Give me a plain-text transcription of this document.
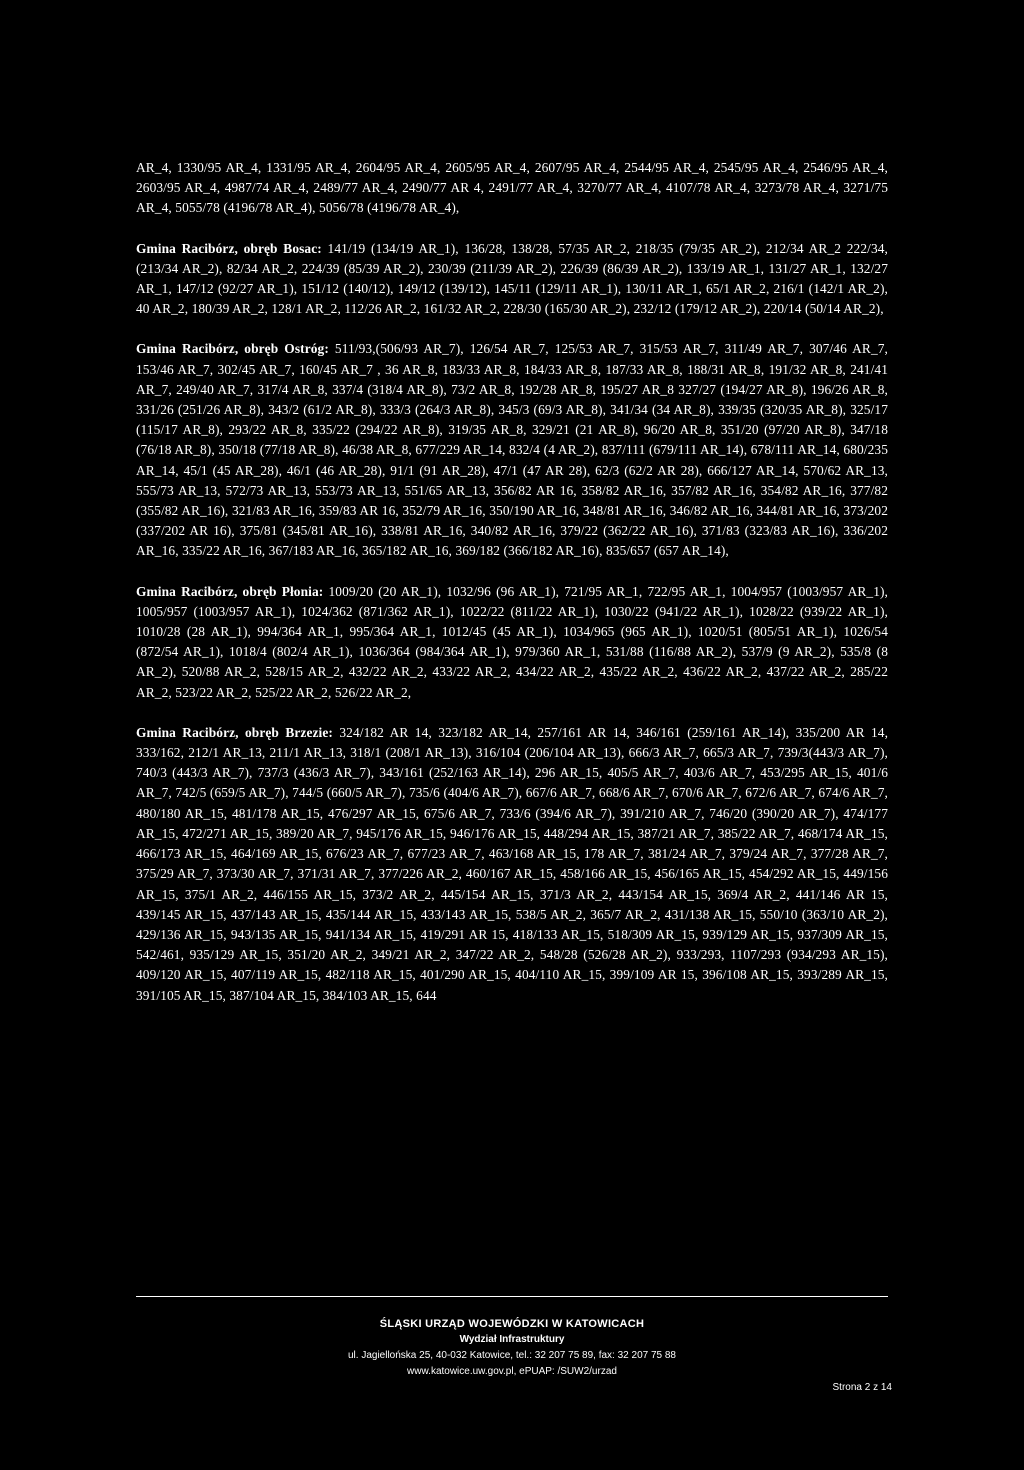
AR_4, 1330/95 AR_4, 1331/95 AR_4, 2604/95 AR_4, 2605/95 AR_4, 2607/95 AR_4, 2544/95 AR_4, 2545/95 AR_4, 2546/95 AR_4, 2603/95 AR_4, 4987/74 AR_4, 2489/77 AR_4, 2490/77 AR 4, 2491/77 AR_4, 3270/77 AR_4, 4107/78 AR_4, 3273/78 AR_4, 3271/75 AR_4, 5055/78 (4196/78 AR_4), 5056/78 (4196/78 AR_4),

Gmina Racibórz, obręb Bosac: 141/19 (134/19 AR_1), 136/28, 138/28, 57/35 AR_2, 218/35 (79/35 AR_2), 212/34 AR_2 222/34, (213/34 AR_2), 82/34 AR_2, 224/39 (85/39 AR_2), 230/39 (211/39 AR_2), 226/39 (86/39 AR_2), 133/19 AR_1, 131/27 AR_1, 132/27 AR_1, 147/12 (92/27 AR_1), 151/12 (140/12), 149/12 (139/12), 145/11 (129/11 AR_1), 130/11 AR_1, 65/1 AR_2, 216/1 (142/1 AR_2), 40 AR_2, 180/39 AR_2, 128/1 AR_2, 112/26 AR_2, 161/32 AR_2, 228/30 (165/30 AR_2), 232/12 (179/12 AR_2), 220/14 (50/14 AR_2),

Gmina Racibórz, obręb Ostróg: 511/93,(506/93 AR_7), 126/54 AR_7, 125/53 AR_7, 315/53 AR_7, 311/49 AR_7, 307/46 AR_7, 153/46 AR_7, 302/45 AR_7, 160/45 AR_7 , 36 AR_8, 183/33 AR_8, 184/33 AR_8, 187/33 AR_8, 188/31 AR_8, 191/32 AR_8, 241/41 AR_7, 249/40 AR_7, 317/4 AR_8, 337/4 (318/4 AR_8), 73/2 AR_8, 192/28 AR_8, 195/27 AR_8 327/27 (194/27 AR_8), 196/26 AR_8, 331/26 (251/26 AR_8), 343/2 (61/2 AR_8), 333/3 (264/3 AR_8), 345/3 (69/3 AR_8), 341/34 (34 AR_8), 339/35 (320/35 AR_8), 325/17 (115/17 AR_8), 293/22 AR_8, 335/22 (294/22 AR_8), 319/35 AR_8, 329/21 (21 AR_8), 96/20 AR_8, 351/20 (97/20 AR_8), 347/18 (76/18 AR_8), 350/18 (77/18 AR_8), 46/38 AR_8, 677/229 AR_14, 832/4 (4 AR_2), 837/111 (679/111 AR_14), 678/111 AR_14, 680/235 AR_14, 45/1 (45 AR_28), 46/1 (46 AR_28), 91/1 (91 AR_28), 47/1 (47 AR 28), 62/3 (62/2 AR 28), 666/127 AR_14, 570/62 AR_13, 555/73 AR_13, 572/73 AR_13, 553/73 AR_13, 551/65 AR_13, 356/82 AR 16, 358/82 AR_16, 357/82 AR_16, 354/82 AR_16, 377/82 (355/82 AR_16), 321/83 AR_16, 359/83 AR 16, 352/79 AR_16, 350/190 AR_16, 348/81 AR_16, 346/82 AR_16, 344/81 AR_16, 373/202 (337/202 AR 16), 375/81 (345/81 AR_16), 338/81 AR_16, 340/82 AR_16, 379/22 (362/22 AR_16), 371/83 (323/83 AR_16), 336/202 AR_16, 335/22 AR_16, 367/183 AR_16, 365/182 AR_16, 369/182 (366/182 AR_16), 835/657 (657 AR_14),

Gmina Racibórz, obręb Płonia: 1009/20 (20 AR_1), 1032/96 (96 AR_1), 721/95 AR_1, 722/95 AR_1, 1004/957 (1003/957 AR_1), 1005/957 (1003/957 AR_1), 1024/362 (871/362 AR_1), 1022/22 (811/22 AR_1), 1030/22 (941/22 AR_1), 1028/22 (939/22 AR_1), 1010/28 (28 AR_1), 994/364 AR_1, 995/364 AR_1, 1012/45 (45 AR_1), 1034/965 (965 AR_1), 1020/51 (805/51 AR_1), 1026/54 (872/54 AR_1), 1018/4 (802/4 AR_1), 1036/364 (984/364 AR_1), 979/360 AR_1, 531/88 (116/88 AR_2), 537/9 (9 AR_2), 535/8 (8 AR_2), 520/88 AR_2, 528/15 AR_2, 432/22 AR_2, 433/22 AR_2, 434/22 AR_2, 435/22 AR_2, 436/22 AR_2, 437/22 AR_2, 285/22 AR_2, 523/22 AR_2, 525/22 AR_2, 526/22 AR_2,

Gmina Racibórz, obręb Brzezie: 324/182 AR 14, 323/182 AR_14, 257/161 AR 14, 346/161 (259/161 AR_14), 335/200 AR 14, 333/162, 212/1 AR_13, 211/1 AR_13, 318/1 (208/1 AR_13), 316/104 (206/104 AR_13), 666/3 AR_7, 665/3 AR_7, 739/3(443/3 AR_7), 740/3 (443/3 AR_7), 737/3 (436/3 AR_7), 343/161 (252/163 AR_14), 296 AR_15, 405/5 AR_7, 403/6 AR_7, 453/295 AR_15, 401/6 AR_7, 742/5 (659/5 AR_7), 744/5 (660/5 AR_7), 735/6 (404/6 AR_7), 667/6 AR_7, 668/6 AR_7, 670/6 AR_7, 672/6 AR_7, 674/6 AR_7, 480/180 AR_15, 481/178 AR_15, 476/297 AR_15, 675/6 AR_7, 733/6 (394/6 AR_7), 391/210 AR_7, 746/20 (390/20 AR_7), 474/177 AR_15, 472/271 AR_15, 389/20 AR_7, 945/176 AR_15, 946/176 AR_15, 448/294 AR_15, 387/21 AR_7, 385/22 AR_7, 468/174 AR_15, 466/173 AR_15, 464/169 AR_15, 676/23 AR_7, 677/23 AR_7, 463/168 AR_15, 178 AR_7, 381/24 AR_7, 379/24 AR_7, 377/28 AR_7, 375/29 AR_7, 373/30 AR_7, 371/31 AR_7, 377/226 AR_2, 460/167 AR_15, 458/166 AR_15, 456/165 AR_15, 454/292 AR_15, 449/156 AR_15, 375/1 AR_2, 446/155 AR_15, 373/2 AR_2, 445/154 AR_15, 371/3 AR_2, 443/154 AR_15, 369/4 AR_2, 441/146 AR 15, 439/145 AR_15, 437/143 AR_15, 435/144 AR_15, 433/143 AR_15, 538/5 AR_2, 365/7 AR_2, 431/138 AR_15, 550/10 (363/10 AR_2), 429/136 AR_15, 943/135 AR_15, 941/134 AR_15, 419/291 AR 15, 418/133 AR_15, 518/309 AR_15, 939/129 AR_15, 937/309 AR_15, 542/461, 935/129 AR_15, 351/20 AR_2, 349/21 AR_2, 347/22 AR_2, 548/28 (526/28 AR_2), 933/293, 1107/293 (934/293 AR_15), 409/120 AR_15, 407/119 AR_15, 482/118 AR_15, 401/290 AR_15, 404/110 AR_15, 399/109 AR 15, 396/108 AR_15, 393/289 AR_15, 391/105 AR_15, 387/104 AR_15, 384/103 AR_15, 644

ŚLĄSKI URZĄD WOJEWÓDZKI W KATOWICACH
Wydział Infrastruktury
ul. Jagiellońska 25, 40-032 Katowice, tel.: 32 207 75 89, fax: 32 207 75 88
www.katowice.uw.gov.pl, ePUAP: /SUW2/urzad
Strona 2 z 14
